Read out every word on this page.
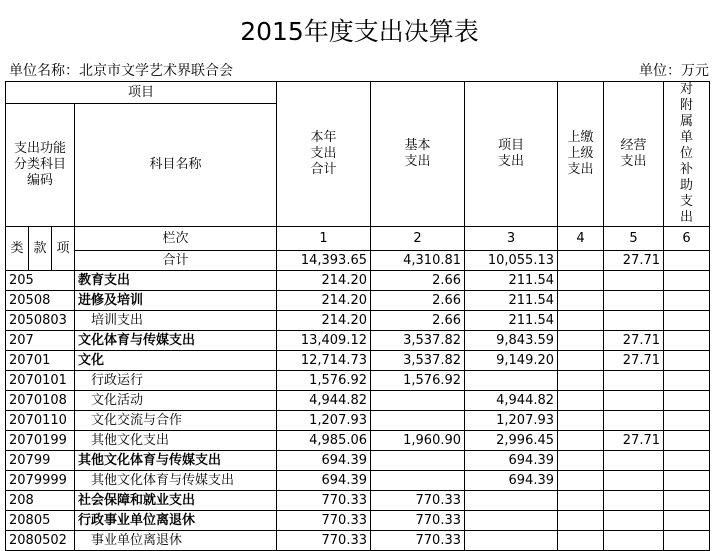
2015年度支出决算表
单位名称：北京市文学艺术界联合会	单位：万元
项目				本年支出合计	基本支出	项目支出	上缴上级支出	经营支出	对附属单位补助支出

支出功能分类科目编码			科目名称						

类	款	项	栏次	1	2	3	4	5	6
			合计	14,393.65	4,310.81	10,055.13		27.71	
205			教育支出	214.20	2.66	211.54			
20508			进修及培训	214.20	2.66	211.54			
2050803			培训支出	214.20	2.66	211.54			
207			文化体育与传媒支出	13,409.12	3,537.82	9,843.59		27.71	
20701			文化	12,714.73	3,537.82	9,149.20		27.71	
2070101			行政运行	1,576.92	1,576.92				
2070108			文化活动	4,944.82		4,944.82			
2070110			文化交流与合作	1,207.93		1,207.93			
2070199			其他文化支出	4,985.06	1,960.90	2,996.45		27.71	
20799			其他文化体育与传媒支出	694.39		694.39			
2079999			其他文化体育与传媒支出	694.39		694.39			
208			社会保障和就业支出	770.33	770.33				
20805			行政事业单位离退休	770.33	770.33				
2080502			事业单位离退休	770.33	770.33				
